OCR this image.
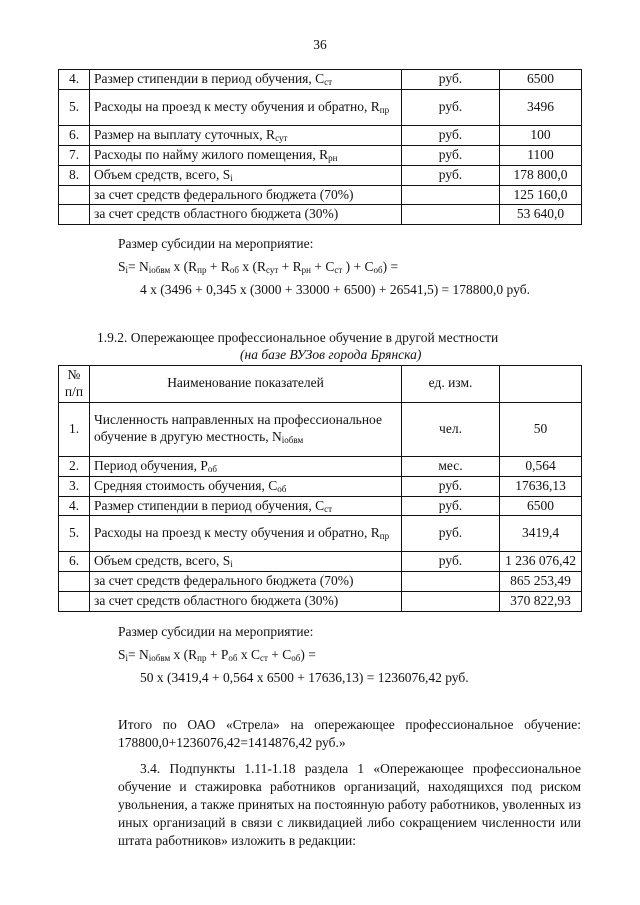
36
4.	Размер стипендии в период обучения, $С_{ст}$	руб.	6500
5.	Расходы на проезд к месту обучения и обратно, $R_{пр}$	руб.	3496
6.	Размер на выплату суточных, $R_{сут}$	руб.	100
7.	Расходы по найму жилого помещения, $R_{рн}$	руб.	1100
8.	Объем средств, всего, $S_i$	руб.	178 800,0
	за счет средств федерального бюджета (70%)		125 160,0
	за счет средств областного бюджета (30%)		53 640,0
Размер субсидии на мероприятие:
$S_i= N_{iобвм}$ x ($R_{пр} + R_{об}$ x ($R_{сут} + R_{рн} + С_{ст}$ ) + $C_{об}$) =
4 x (3496 + 0,345 x (3000 + 33000 + 6500) + 26541,5) = 178800,0 руб.
1.9.2. Опережающее профессиональное обучение в другой местности
(на базе ВУЗов города Брянска)
№ п/п	Наименование показателей	ед. изм.	
1.	Численность направленных на профессиональное обучение в другую местность, $N_{iобвм}$	чел.	50
2.	Период обучения, $Р_{об}$	мес.	0,564
3.	Средняя стоимость обучения, $С_{об}$	руб.	17636,13
4.	Размер стипендии в период обучения, $С_{ст}$	руб.	6500
5.	Расходы на проезд к месту обучения и обратно, $R_{пр}$	руб.	3419,4
6.	Объем средств, всего, $S_i$	руб.	1 236 076,42
	за счет средств федерального бюджета (70%)		865 253,49
	за счет средств областного бюджета (30%)		370 822,93
Размер субсидии на мероприятие:
$S_i= N_{iобвм}$ x ($R_{пр} + Р_{об}$ x $С_{ст} + С_{об}$) =
50 x (3419,4 + 0,564 x 6500 + 17636,13) = 1236076,42 руб.
Итого по ОАО «Стрела» на опережающее профессиональное обучение:
178800,0+1236076,42=1414876,42 руб.»
3.4. Подпункты 1.11-1.18 раздела 1 «Опережающее профессиональное обучение и стажировка работников организаций, находящихся под риском увольнения, а также принятых на постоянную работу работников, уволенных из иных организаций в связи с ликвидацией либо сокращением численности или штата работников» изложить в редакции:
